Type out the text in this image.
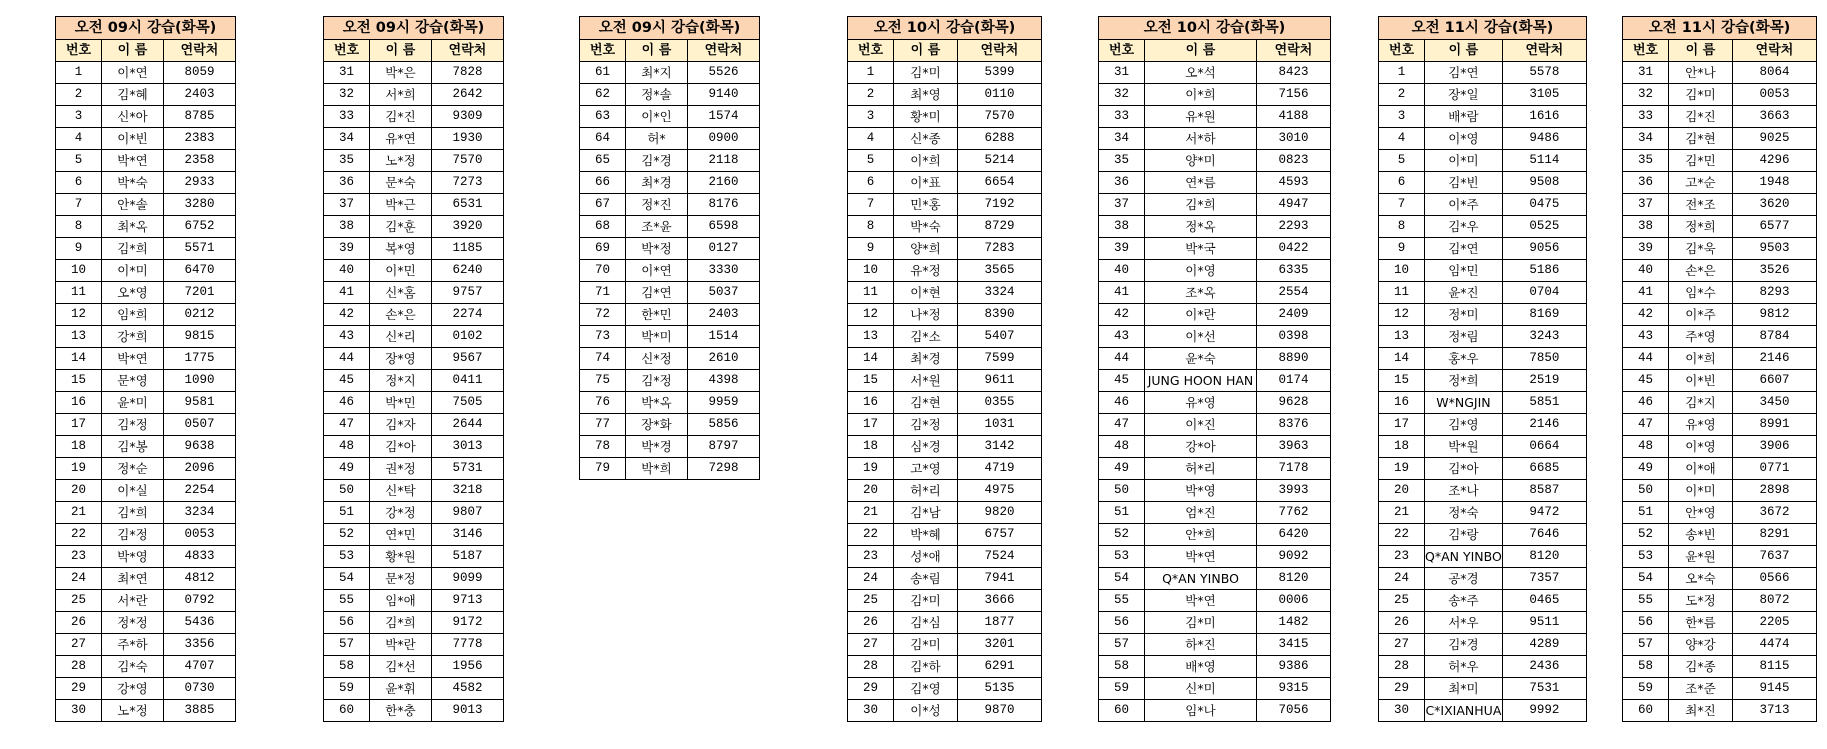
오전 09시 강습(화목)		
번호	이 름	연락처
1	이*연	8059
2	김*혜	2403
3	신*아	8785
4	이*빈	2383
5	박*연	2358
6	박*숙	2933
7	안*솔	3280
8	최*옥	6752
9	김*희	5571
10	이*미	6470
11	오*영	7201
12	임*희	0212
13	강*희	9815
14	박*연	1775
15	문*영	1090
16	윤*미	9581
17	김*정	0507
18	김*봉	9638
19	정*순	2096
20	이*실	2254
21	김*희	3234
22	김*정	0053
23	박*영	4833
24	최*연	4812
25	서*란	0792
26	정*정	5436
27	주*하	3356
28	김*숙	4707
29	강*영	0730
30	노*정	3885
오전 09시 강습(화목)		
번호	이 름	연락처
31	박*은	7828
32	서*희	2642
33	김*진	9309
34	유*연	1930
35	노*정	7570
36	문*숙	7273
37	박*근	6531
38	김*훈	3920
39	복*영	1185
40	이*민	6240
41	신*홈	9757
42	손*은	2274
43	신*리	0102
44	장*영	9567
45	정*지	0411
46	박*민	7505
47	김*자	2644
48	김*아	3013
49	권*정	5731
50	신*탁	3218
51	강*정	9807
52	연*민	3146
53	황*원	5187
54	문*정	9099
55	임*애	9713
56	김*희	9172
57	박*란	7778
58	김*선	1956
59	윤*휘	4582
60	한*충	9013
오전 09시 강습(화목)		
번호	이 름	연락처
61	최*지	5526
62	정*솔	9140
63	이*인	1574
64	허*	0900
65	김*경	2118
66	최*경	2160
67	정*진	8176
68	조*윤	6598
69	박*정	0127
70	이*연	3330
71	김*연	5037
72	한*민	2403
73	박*미	1514
74	신*정	2610
75	김*정	4398
76	박*옥	9959
77	장*화	5856
78	박*경	8797
79	박*희	7298
오전 10시 강습(화목)		
번호	이 름	연락처
1	김*미	5399
2	최*영	0110
3	황*미	7570
4	신*종	6288
5	이*희	5214
6	이*표	6654
7	민*홍	7192
8	박*숙	8729
9	양*희	7283
10	유*정	3565
11	이*현	3324
12	나*정	8390
13	김*소	5407
14	최*경	7599
15	서*원	9611
16	김*현	0355
17	김*정	1031
18	심*경	3142
19	고*영	4719
20	허*리	4975
21	김*남	9820
22	박*혜	6757
23	성*애	7524
24	송*림	7941
25	김*미	3666
26	김*심	1877
27	김*미	3201
28	김*하	6291
29	김*영	5135
30	이*성	9870
오전 10시 강습(화목)		
번호	이 름	연락처
31	오*석	8423
32	이*희	7156
33	유*원	4188
34	서*하	3010
35	양*미	0823
36	연*름	4593
37	김*희	4947
38	정*옥	2293
39	박*국	0422
40	이*영	6335
41	조*옥	2554
42	이*란	2409
43	이*선	0398
44	윤*숙	8890
45	JUNG HOON HAN	0174
46	유*영	9628
47	이*진	8376
48	강*아	3963
49	허*리	7178
50	박*영	3993
51	엄*진	7762
52	안*희	6420
53	박*연	9092
54	Q*AN YINBO	8120
55	박*연	0006
56	김*미	1482
57	하*진	3415
58	배*영	9386
59	신*미	9315
60	임*나	7056
오전 11시 강습(화목)		
번호	이 름	연락처
1	김*연	5578
2	장*일	3105
3	배*람	1616
4	이*영	9486
5	이*미	5114
6	김*빈	9508
7	이*주	0475
8	김*우	0525
9	김*연	9056
10	임*민	5186
11	윤*진	0704
12	정*미	8169
13	정*림	3243
14	홍*우	7850
15	정*희	2519
16	W*NGJIN	5851
17	김*영	2146
18	박*원	0664
19	김*아	6685
20	조*나	8587
21	정*숙	9472
22	김*랑	7646
23	Q*AN YINBO	8120
24	공*경	7357
25	송*주	0465
26	서*우	9511
27	김*경	4289
28	허*우	2436
29	최*미	7531
30	C*IXIANHUA	9992
오전 11시 강습(화목)		
번호	이 름	연락처
31	안*나	8064
32	김*미	0053
33	김*진	3663
34	김*현	9025
35	김*민	4296
36	고*순	1948
37	전*조	3620
38	정*희	6577
39	김*욱	9503
40	손*은	3526
41	임*수	8293
42	이*주	9812
43	주*영	8784
44	이*희	2146
45	이*빈	6607
46	김*지	3450
47	유*영	8991
48	이*영	3906
49	이*애	0771
50	이*미	2898
51	안*영	3672
52	송*빈	8291
53	윤*원	7637
54	오*숙	0566
55	도*정	8072
56	한*름	2205
57	양*강	4474
58	김*종	8115
59	조*준	9145
60	최*진	3713
